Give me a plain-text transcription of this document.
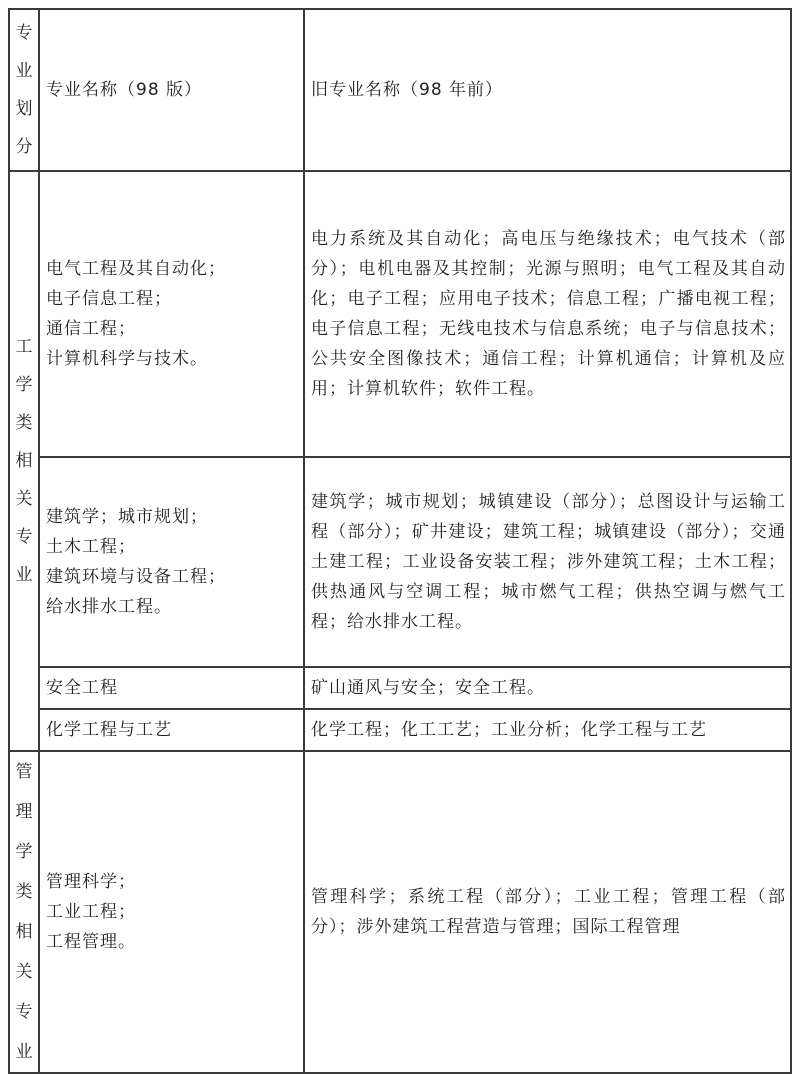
专业划分	专业名称（98 版）	旧专业名称（98 年前）

工学类相关专业	电气工程及其自动化；
电子信息工程；
通信工程；
计算机科学与技术。	电力系统及其自动化；高电压与绝缘技术；电气技术（部分）；电机电器及其控制；光源与照明；电气工程及其自动化；电子工程；应用电子技术；信息工程；广播电视工程；电子信息工程；无线电技术与信息系统；电子与信息技术；公共安全图像技术；通信工程；计算机通信；计算机及应用；计算机软件；软件工程。

	建筑学；城市规划；
土木工程；
建筑环境与设备工程；
给水排水工程。	建筑学；城市规划；城镇建设（部分）；总图设计与运输工程（部分）；矿井建设；建筑工程；城镇建设（部分）；交通土建工程；工业设备安装工程；涉外建筑工程；土木工程；供热通风与空调工程；城市燃气工程；供热空调与燃气工程；给水排水工程。

	安全工程	矿山通风与安全；安全工程。

	化学工程与工艺	化学工程；化工工艺；工业分析；化学工程与工艺

管理学类相关专业	管理科学；
工业工程；
工程管理。	管理科学；系统工程（部分）；工业工程；管理工程（部分）；涉外建筑工程营造与管理；国际工程管理
